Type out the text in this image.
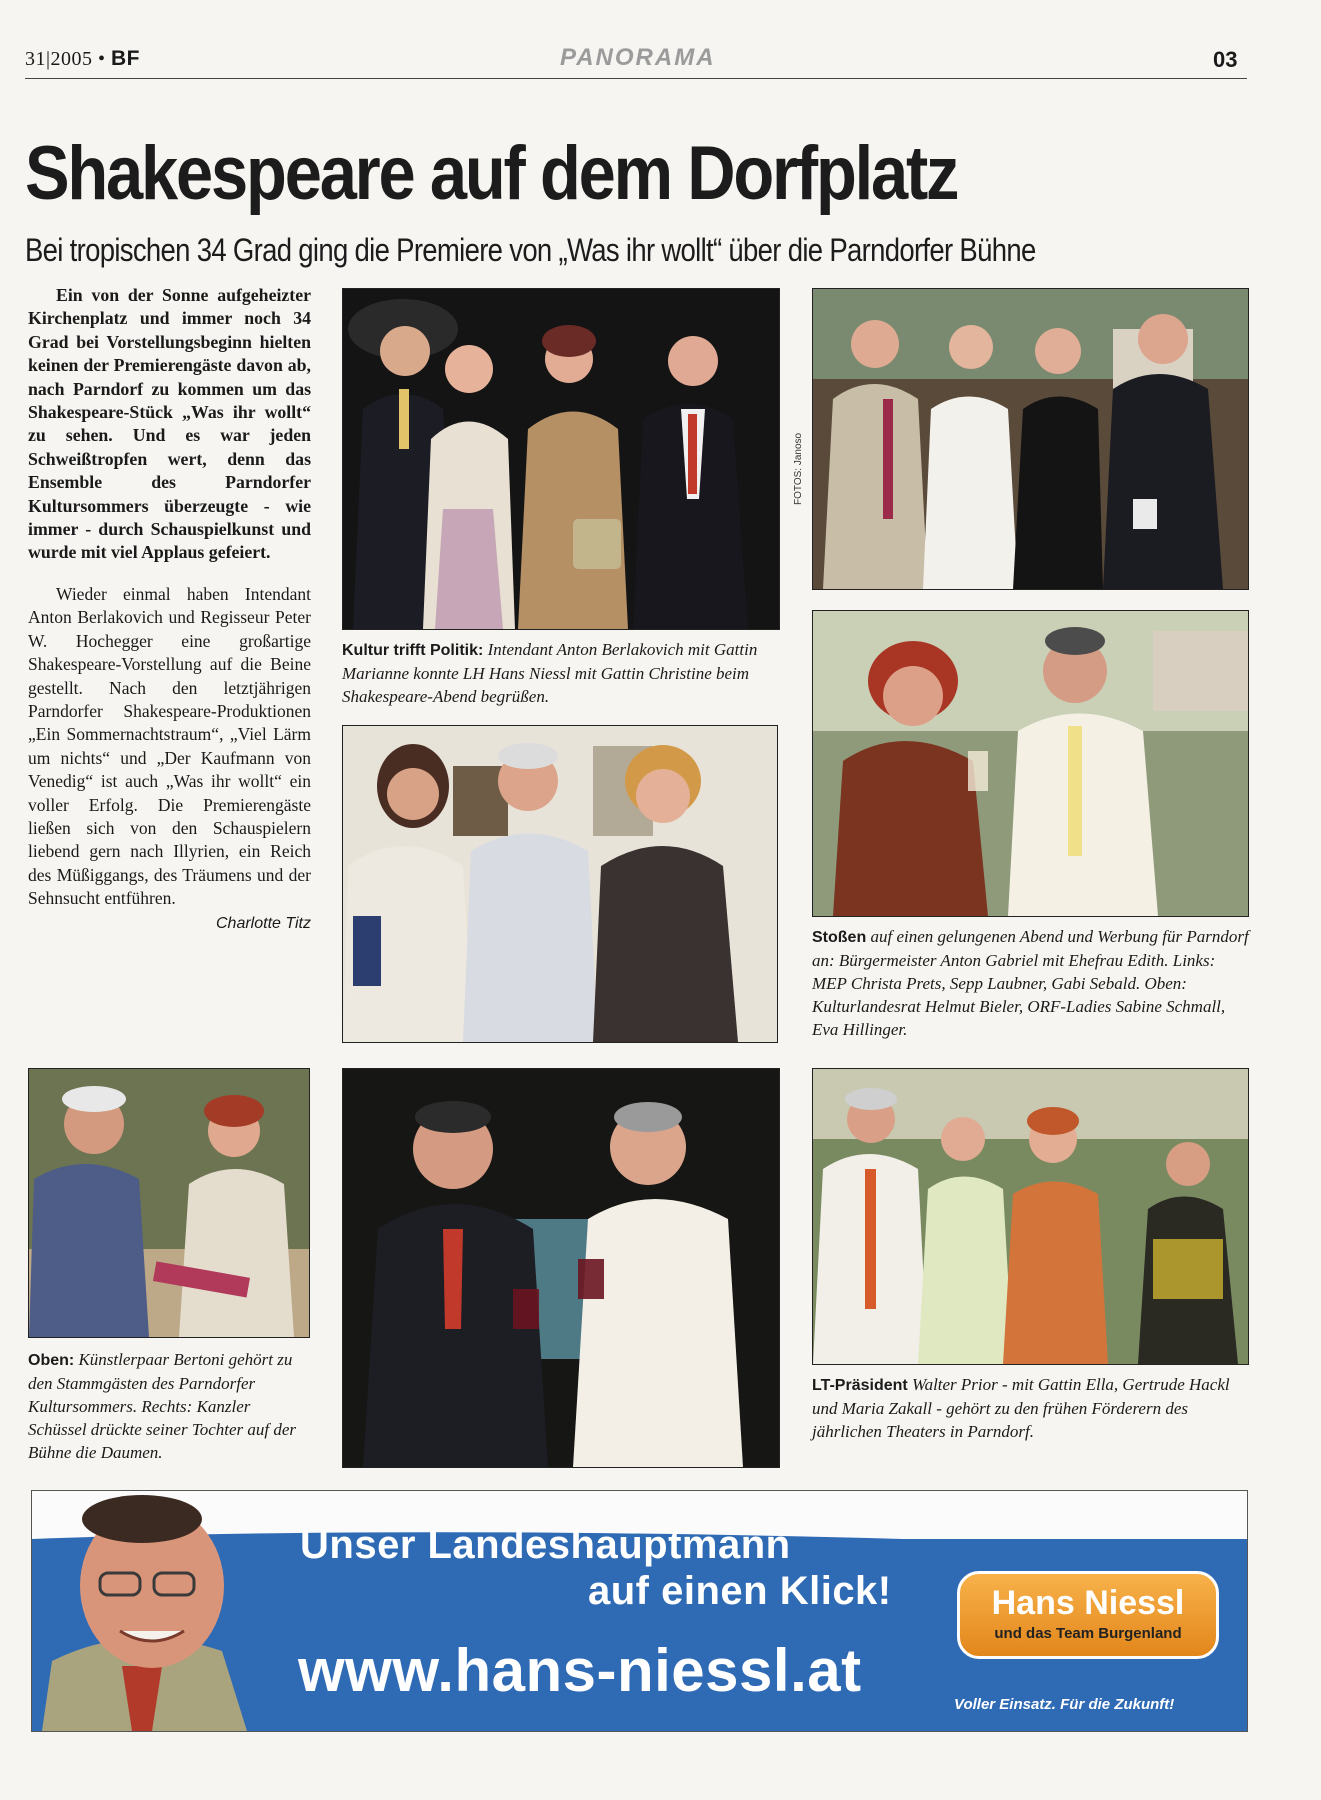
31|2005 • BF	PANORAMA	03
Shakespeare auf dem Dorfplatz
Bei tropischen 34 Grad ging die Premiere von „Was ihr wollt“ über die Parndorfer Bühne

Ein von der Sonne aufgeheizter Kirchenplatz und immer noch 34 Grad bei Vorstellungsbeginn hielten keinen der Premierengäste davon ab, nach Parndorf zu kommen um das Shakespeare-Stück „Was ihr wollt“ zu sehen. Und es war jeden Schweißtropfen wert, denn das Ensemble des Parndorfer Kultursommers überzeugte - wie immer - durch Schauspielkunst und wurde mit viel Applaus gefeiert.

Wieder einmal haben Intendant Anton Berlakovich und Regisseur Peter W. Hochegger eine großartige Shakespeare-Vorstellung auf die Beine gestellt. Nach den letztjährigen Parndorfer Shakespeare-Produktionen „Ein Sommernachtstraum“, „Viel Lärm um nichts“ und „Der Kaufmann von Venedig“ ist auch „Was ihr wollt“ ein voller Erfolg. Die Premierengäste ließen sich von den Schauspielern liebend gern nach Illyrien, ein Reich des Müßiggangs, des Träumens und der Sehnsucht entführen.

Charlotte Titz
FOTOS: Janoso
Kultur trifft Politik: Intendant Anton Berlakovich mit Gattin Marianne konnte LH Hans Niessl mit Gattin Christine beim Shakespeare-Abend begrüßen.
Stoßen auf einen gelungenen Abend und Werbung für Parndorf an: Bürgermeister Anton Gabriel mit Ehefrau Edith. Links: MEP Christa Prets, Sepp Laubner, Gabi Sebald. Oben: Kulturlandesrat Helmut Bieler, ORF-Ladies Sabine Schmall, Eva Hillinger.
Oben: Künstlerpaar Bertoni gehört zu den Stammgästen des Parndorfer Kultursommers. Rechts: Kanzler Schüssel drückte seiner Tochter auf der Bühne die Daumen.
LT-Präsident Walter Prior - mit Gattin Ella, Gertrude Hackl und Maria Zakall - gehört zu den frühen Förderern des jährlichen Theaters in Parndorf.
Unser Landeshauptmann
auf einen Klick!
www.hans-niessl.at
Hans Niessl
und das Team Burgenland
Voller Einsatz. Für die Zukunft!
